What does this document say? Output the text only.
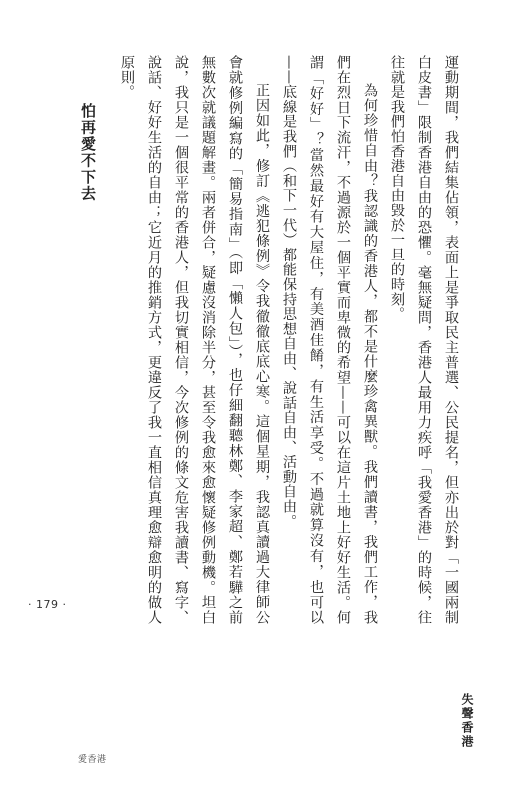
運動期間，我們結集佔領，表面上是爭取民主普選、公民提名，但亦出於對「一國兩制白皮書」限制香港自由的恐懼。毫無疑問，香港人最用力疾呼「我愛香港」的時候，往往就是我們怕香港自由毀於一旦的時刻。

為何珍惜自由？我認識的香港人，都不是什麼珍禽異獸。我們讀書，我們工作，我們在烈日下流汗，不過源於一個平實而卑微的希望——可以在這片土地上好好生活。何謂「好好」？當然最好有大屋住，有美酒佳餚，有生活享受。不過就算沒有，也可以——底線是我們（和下一代）都能保持思想自由、說話自由、活動自由。

正因如此，修訂《逃犯條例》令我徹徹底底心寒。這個星期，我認真讀過大律師公會就修例編寫的「簡易指南」（即「懶人包」），也仔細翻聽林鄭、李家超、鄭若驊之前無數次就議題解畫。兩者併合，疑慮沒消除半分，甚至令我愈來愈懷疑修例動機。坦白說，我只是一個很平常的香港人，但我切實相信，今次修例的條文危害我讀書、寫字、說話、好好生活的自由；它近月的推銷方式，更違反了我一直相信真理愈辯愈明的做人原則。

怕再愛不下去

· 179 ·
失聲香港
愛香港
